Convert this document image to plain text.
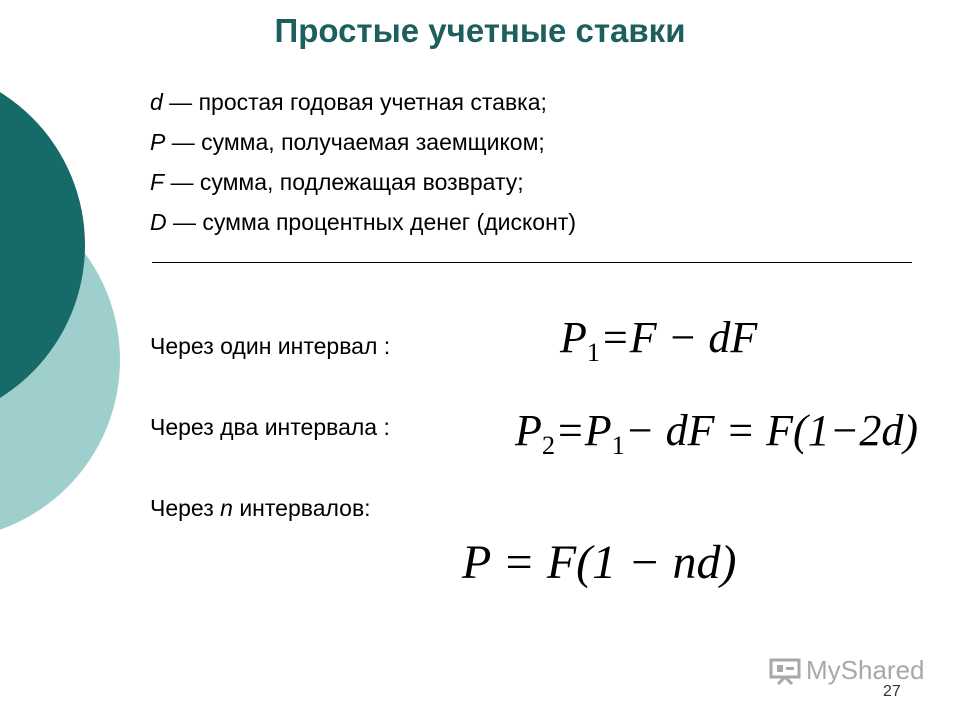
Простые учетные ставки
d — простая годовая учетная ставка;
P — сумма, получаемая заемщиком;
F — сумма, подлежащая возврату;
D — сумма процентных денег (дисконт)
Через один интервал :	$P_1=F$ − dF
Через два интервала :	$P_2=P_1-$ dF = F(1−2d)
Через n интервалов:
P = F(1 − nd)
MyShared
27
